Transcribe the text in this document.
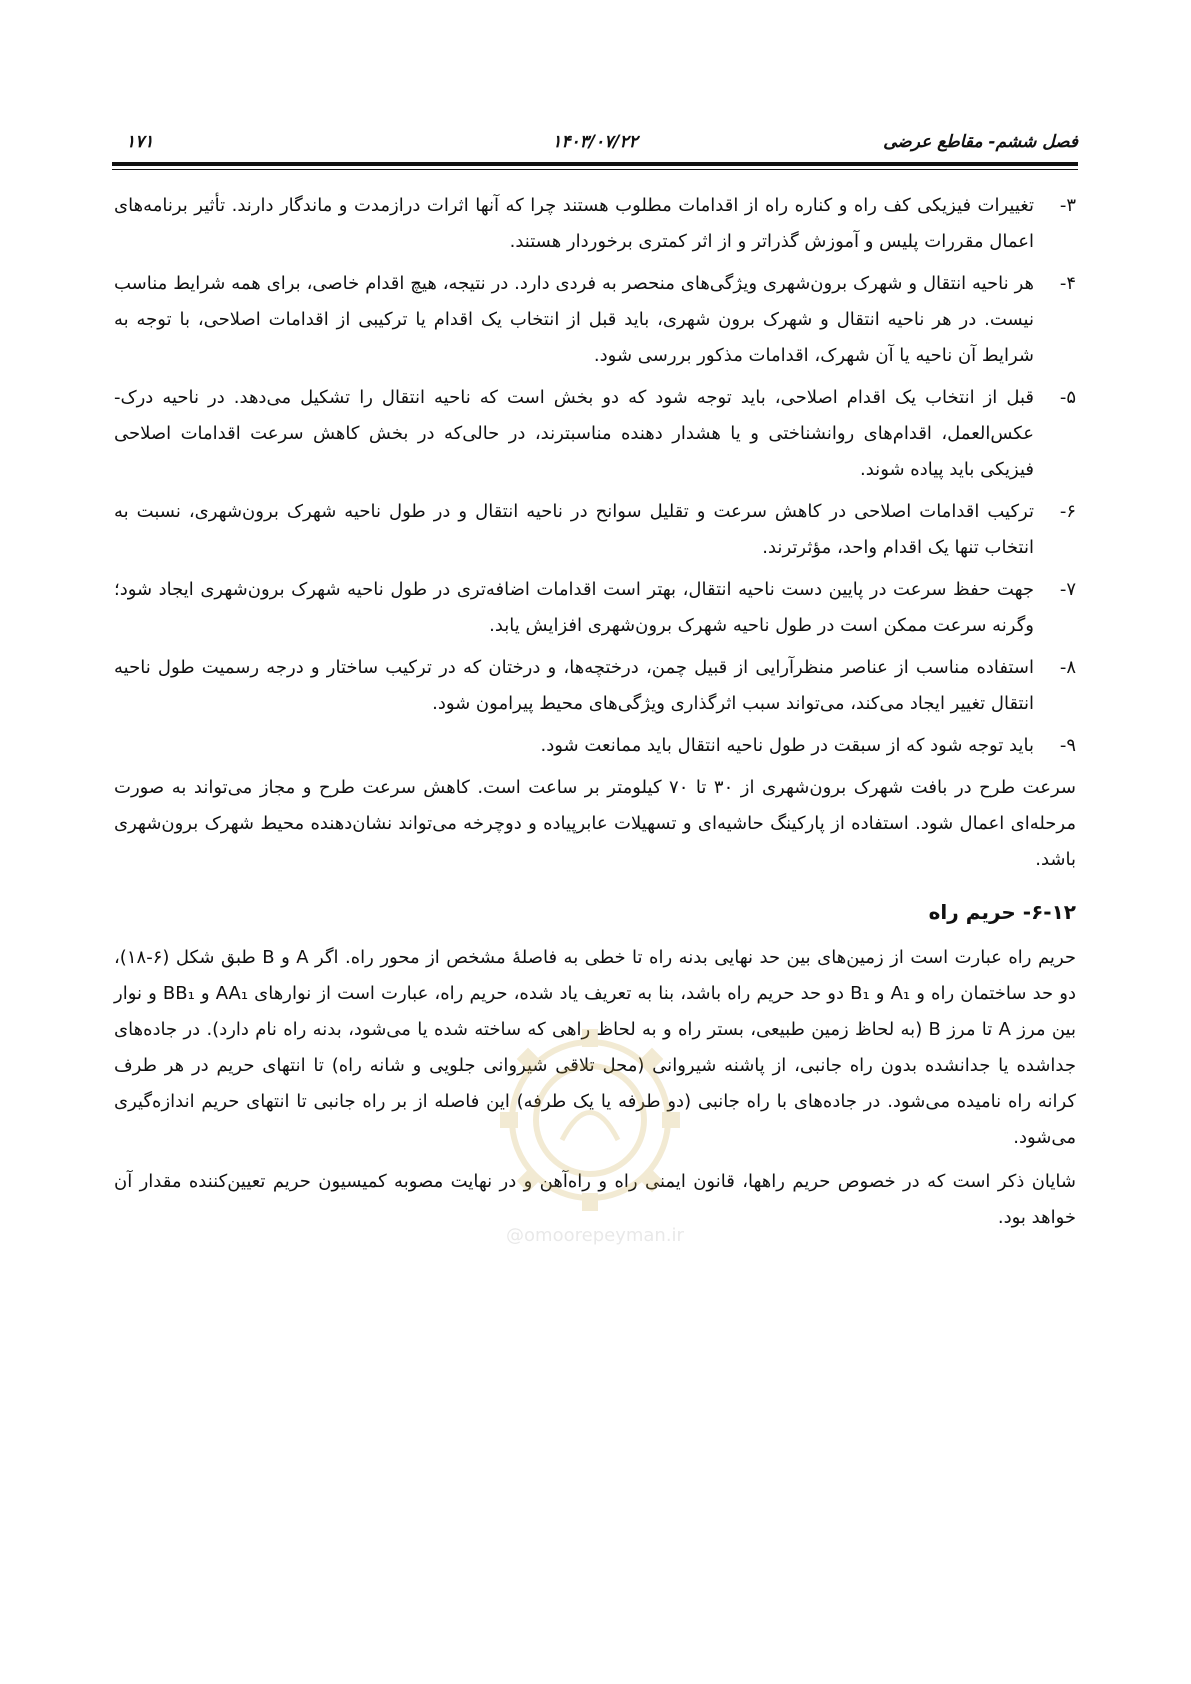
فصل ششم- مقاطع عرضی
۱۴۰۳/۰۷/۲۲
۱۷۱
۳-
تغییرات فیزیکی کف راه و کناره راه از اقدامات مطلوب هستند چرا که آنها اثرات درازمدت و ماندگار دارند. تأثیر برنامه‌های اعمال مقررات پلیس و آموزش گذراتر و از اثر کمتری برخوردار هستند.
۴-
هر ناحیه انتقال و شهرک برون‌شهری ویژگی‌های منحصر به فردی دارد. در نتیجه، هیچ اقدام خاصی، برای همه شرایط مناسب نیست. در هر ناحیه انتقال و شهرک برون شهری، باید قبل از انتخاب یک اقدام یا ترکیبی از اقدامات اصلاحی، با توجه به شرایط آن ناحیه یا آن شهرک، اقدامات مذکور بررسی شود.
۵-
قبل از انتخاب یک اقدام اصلاحی، باید توجه شود که دو بخش است که ناحیه انتقال را تشکیل می‌دهد. در ناحیه درک-عکس‌العمل، اقدام‌های روانشناختی و یا هشدار دهنده مناسبترند، در حالی‌که در بخش کاهش سرعت اقدامات اصلاحی فیزیکی باید پیاده شوند.
۶-
ترکیب اقدامات اصلاحی در کاهش سرعت و تقلیل سوانح در ناحیه انتقال و در طول ناحیه شهرک برون‌شهری، نسبت به انتخاب تنها یک اقدام واحد، مؤثرترند.
۷-
جهت حفظ سرعت در پایین دست ناحیه انتقال، بهتر است اقدامات اضافه‌تری در طول ناحیه شهرک برون‌شهری ایجاد شود؛ وگرنه سرعت ممکن است در طول ناحیه شهرک برون‌شهری افزایش یابد.
۸-
استفاده مناسب از عناصر منظرآرایی از قبیل چمن، درختچه‌ها، و درختان که در ترکیب ساختار و درجه رسمیت طول ناحیه انتقال تغییر ایجاد می‌کند، می‌تواند سبب اثرگذاری ویژگی‌های محیط پیرامون شود.
۹-
باید توجه شود که از سبقت در طول ناحیه انتقال باید ممانعت شود.

سرعت طرح در بافت شهرک برون‌شهری از ۳۰ تا ۷۰ کیلومتر بر ساعت است. کاهش سرعت طرح و مجاز می‌تواند به صورت مرحله‌ای اعمال شود. استفاده از پارکینگ حاشیه‌ای و تسهیلات عابرپیاده و دوچرخه می‌تواند نشان‌دهنده محیط شهرک برون‌شهری باشد.

۶-۱۲- حریم راه

حریم راه عبارت است از زمین‌های بین حد نهایی بدنه راه تا خطی به فاصلهٔ مشخص از محور راه. اگر A و B طبق شکل (۶-۱۸)، دو حد ساختمان راه و A₁ و B₁ دو حد حریم راه باشد، بنا به تعریف یاد شده، حریم راه، عبارت است از نوارهای AA₁ و BB₁ و نوار بین مرز A تا مرز B (به لحاظ زمین طبیعی، بستر راه و به لحاظ راهی که ساخته شده یا می‌شود، بدنه راه نام دارد). در جاده‌های جداشده یا جدانشده بدون راه جانبی، از پاشنه شیروانی (محل تلاقی شیروانی جلویی و شانه راه) تا انتهای حریم در هر طرف کرانه راه نامیده می‌شود. در جاده‌های با راه جانبی (دو طرفه یا یک طرفه) این فاصله از بر راه جانبی تا انتهای حریم اندازه‌گیری می‌شود.

شایان ذکر است که در خصوص حریم راهها، قانون ایمنی راه و راه‌آهن و در نهایت مصوبه کمیسیون حریم تعیین‌کننده مقدار آن خواهد بود.

@omoorepeyman.ir
